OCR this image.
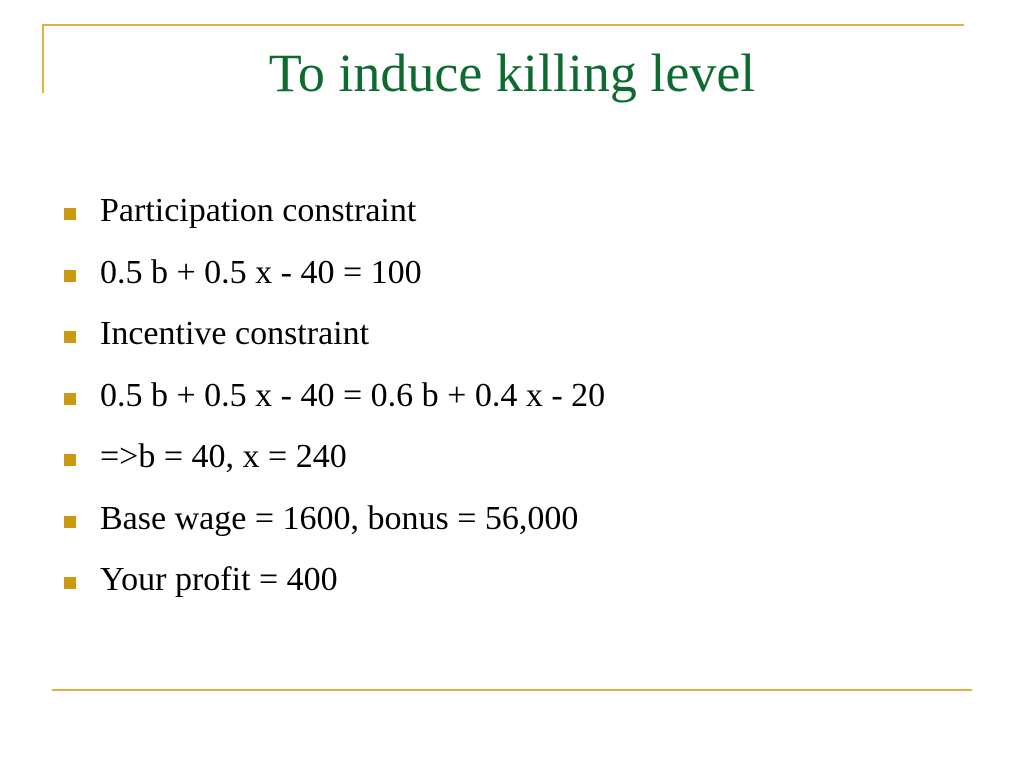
To induce killing level
Participation constraint
0.5 b + 0.5 x - 40 = 100
Incentive constraint
0.5 b + 0.5 x - 40 = 0.6 b + 0.4 x - 20
=>b = 40, x = 240
Base wage = 1600, bonus = 56,000
Your profit = 400
